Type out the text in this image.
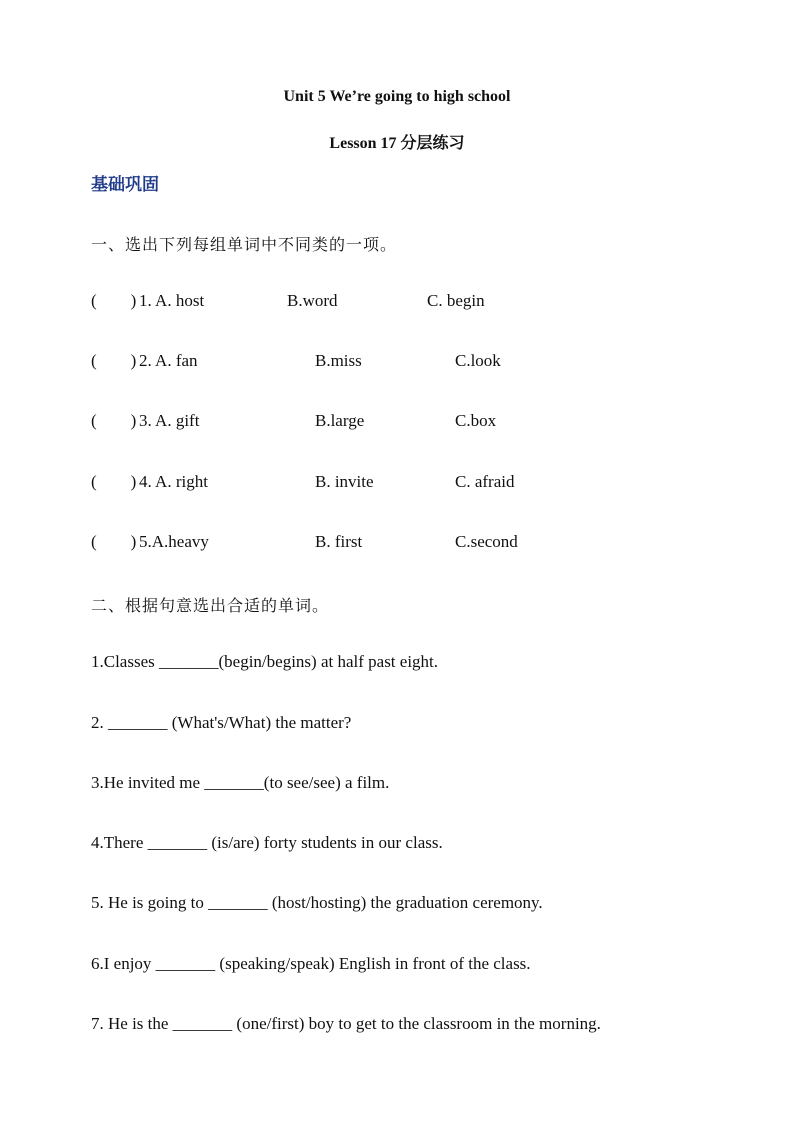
Unit 5 We’re going to high school
Lesson 17 分层练习
基础巩固
一、选出下列每组单词中不同类的一项。
(        ) 1. A. host	B.word	C. begin
(        ) 2. A. fan	B.miss	C.look
(        ) 3. A. gift	B.large	C.box
(        ) 4. A. right	B. invite	C. afraid
(        ) 5.A.heavy	B. first	C.second
二、根据句意选出合适的单词。
1.Classes _______(begin/begins) at half past eight.
2. _______ (What's/What) the matter?
3.He invited me _______(to see/see) a film.
4.There _______ (is/are) forty students in our class.
5. He is going to _______ (host/hosting) the graduation ceremony.
6.I enjoy _______ (speaking/speak) English in front of the class.
7. He is the _______ (one/first) boy to get to the classroom in the morning.
